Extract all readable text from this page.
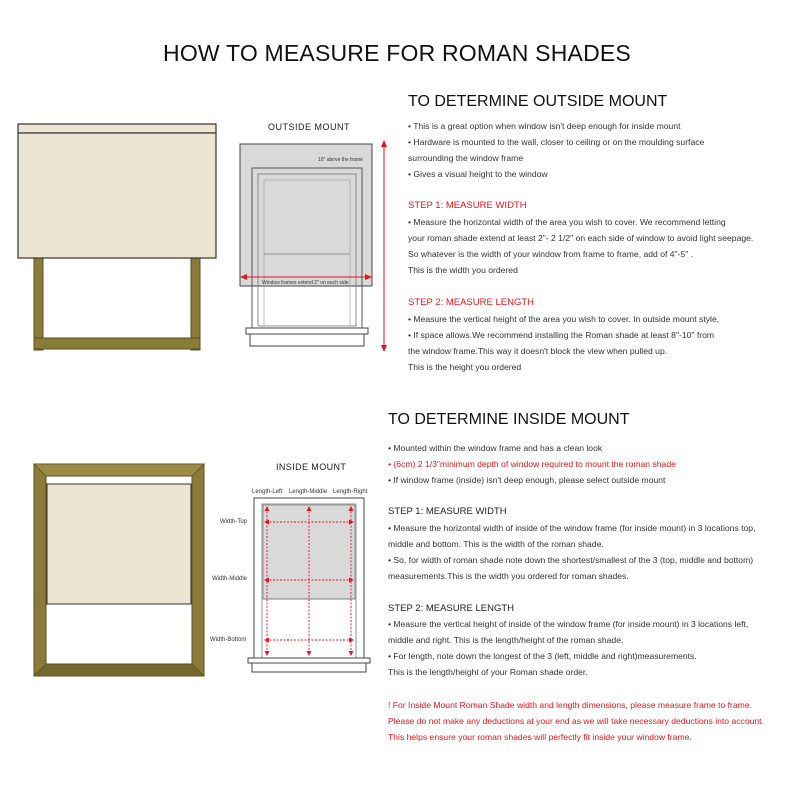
HOW TO MEASURE FOR ROMAN SHADES
OUTSIDE MOUNT
10" above the frame
Window frames extend 2" on each side
TO DETERMINE OUTSIDE MOUNT
• This is a great option when window isn't deep enough for inside mount
• Hardware is mounted to the wall, closer to ceiling or on the moulding surface
surrounding the window frame
• Gives a visual height to the window
STEP 1: MEASURE WIDTH
• Measure the horizontal width of the area you wish to cover. We recommend letting
your roman shade extend at least 2"- 2 1/2" on each side of window to avoid light seepage.
So whatever is the width of your window from frame to frame, add of 4"-5" .
This is the width you ordered
STEP 2: MEASURE LENGTH
• Measure the vertical height of the area you wish to cover. In outside mount style,
• If space allows.We recommend installing the Roman shade at least 8"-10" from
the window frame.This way it doesn't block the view when pulled up.
This is the height you ordered
INSIDE MOUNT
Length-Left Length-Middle Length-Right
Width-Top
Width-Middle
Width-Bottom
TO DETERMINE INSIDE MOUNT
• Mounted within the window frame and has a clean look
• (6cm) 2 1/3"minimum depth of window required to mount the roman shade
• If window frame (inside) isn't deep enough, please select outside mount
STEP 1: MEASURE WIDTH
• Measure the horizontal width of inside of the window frame (for inside mount) in 3 locations top,
middle and bottom. This is the width of the roman shade.
• So, for width of roman shade note down the shortest/smallest of the 3 (top, middle and bottom)
measurements.This is the width you ordered for roman shades.
STEP 2: MEASURE LENGTH
• Measure the vertical height of inside of the window frame (for inside mount) in 3 locations left,
middle and right. This is the length/height of the roman shade.
• For length, note down the longest of the 3 (left, middle and right)measurements.
This is the length/height of your Roman shade order.
! For Inside Mount Roman Shade width and length dimensions, please measure frame to frame.
Please do not make any deductions at your end as we will take necessary deductions into account.
This helps ensure your roman shades will perfectly fit inside your window frame.
